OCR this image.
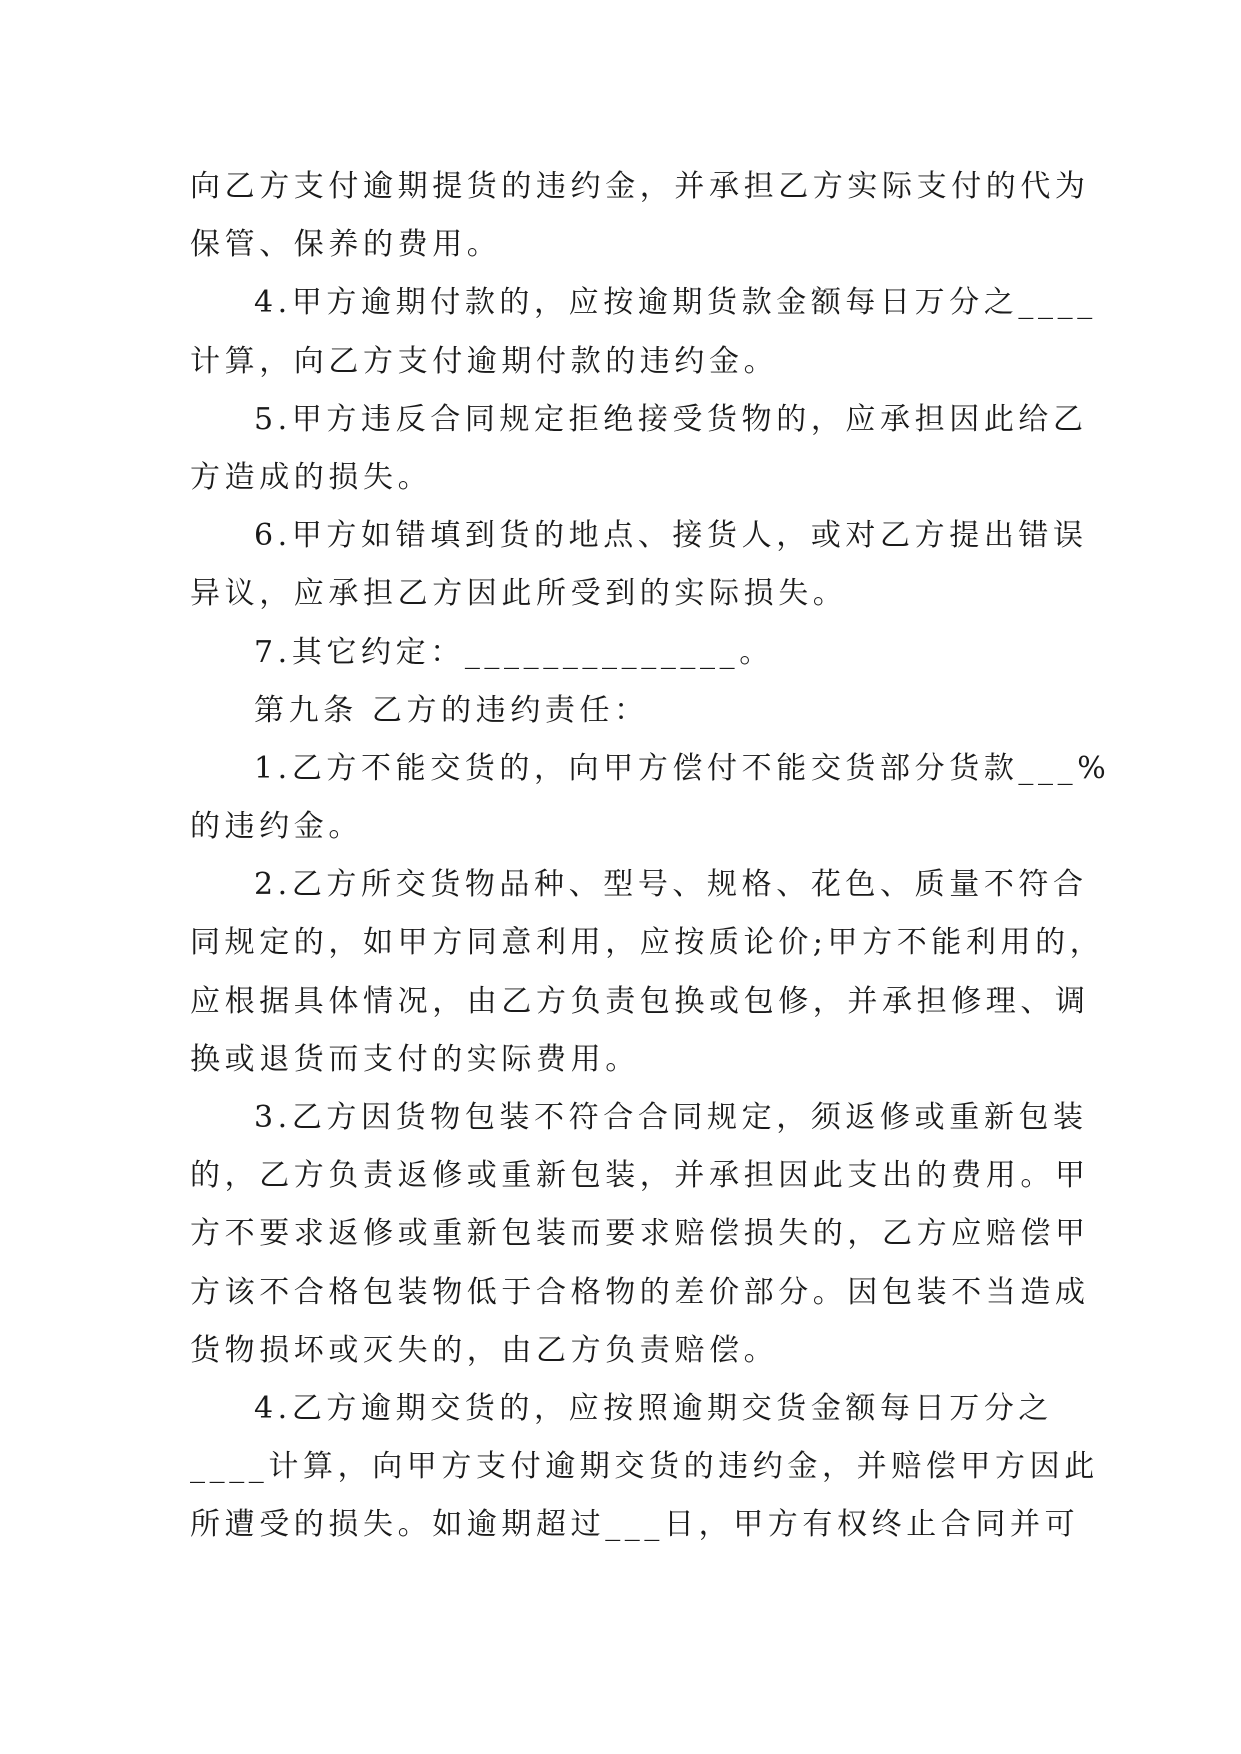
向乙方支付逾期提货的违约金，并承担乙方实际支付的代为
保管、保养的费用。
4.甲方逾期付款的，应按逾期货款金额每日万分之____
计算，向乙方支付逾期付款的违约金。
5.甲方违反合同规定拒绝接受货物的，应承担因此给乙
方造成的损失。
6.甲方如错填到货的地点、接货人，或对乙方提出错误
异议，应承担乙方因此所受到的实际损失。
7.其它约定：______________。
第九条 乙方的违约责任：
1.乙方不能交货的，向甲方偿付不能交货部分货款___%
的违约金。
2.乙方所交货物品种、型号、规格、花色、质量不符合
同规定的，如甲方同意利用，应按质论价;甲方不能利用的，
应根据具体情况，由乙方负责包换或包修，并承担修理、调
换或退货而支付的实际费用。
3.乙方因货物包装不符合合同规定，须返修或重新包装
的，乙方负责返修或重新包装，并承担因此支出的费用。甲
方不要求返修或重新包装而要求赔偿损失的，乙方应赔偿甲
方该不合格包装物低于合格物的差价部分。因包装不当造成
货物损坏或灭失的，由乙方负责赔偿。
4.乙方逾期交货的，应按照逾期交货金额每日万分之
____计算，向甲方支付逾期交货的违约金，并赔偿甲方因此
所遭受的损失。如逾期超过___日，甲方有权终止合同并可
